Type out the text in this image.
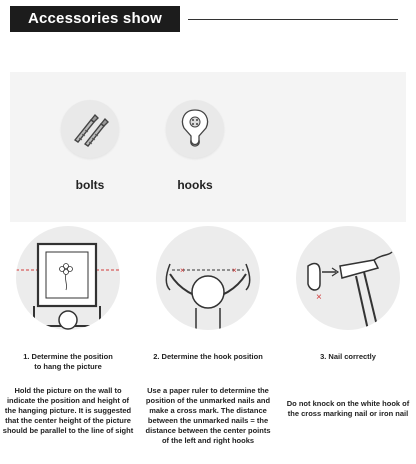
Accessories show
bolts	hooks
1. Determine the position
to hang the picture
Hold the picture on the wall to
indicate the position and height of
the hanging picture. It is suggested
that the center height of the picture
should be parallel to the line of sight
×	×
2. Determine the hook position
Use a paper ruler to determine the
position of the unmarked nails and
make a cross mark. The distance
between the unmarked nails = the
distance between the center points
of the left and right hooks
×
3. Nail correctly
Do not knock on the white hook of
the cross marking nail or iron nail
